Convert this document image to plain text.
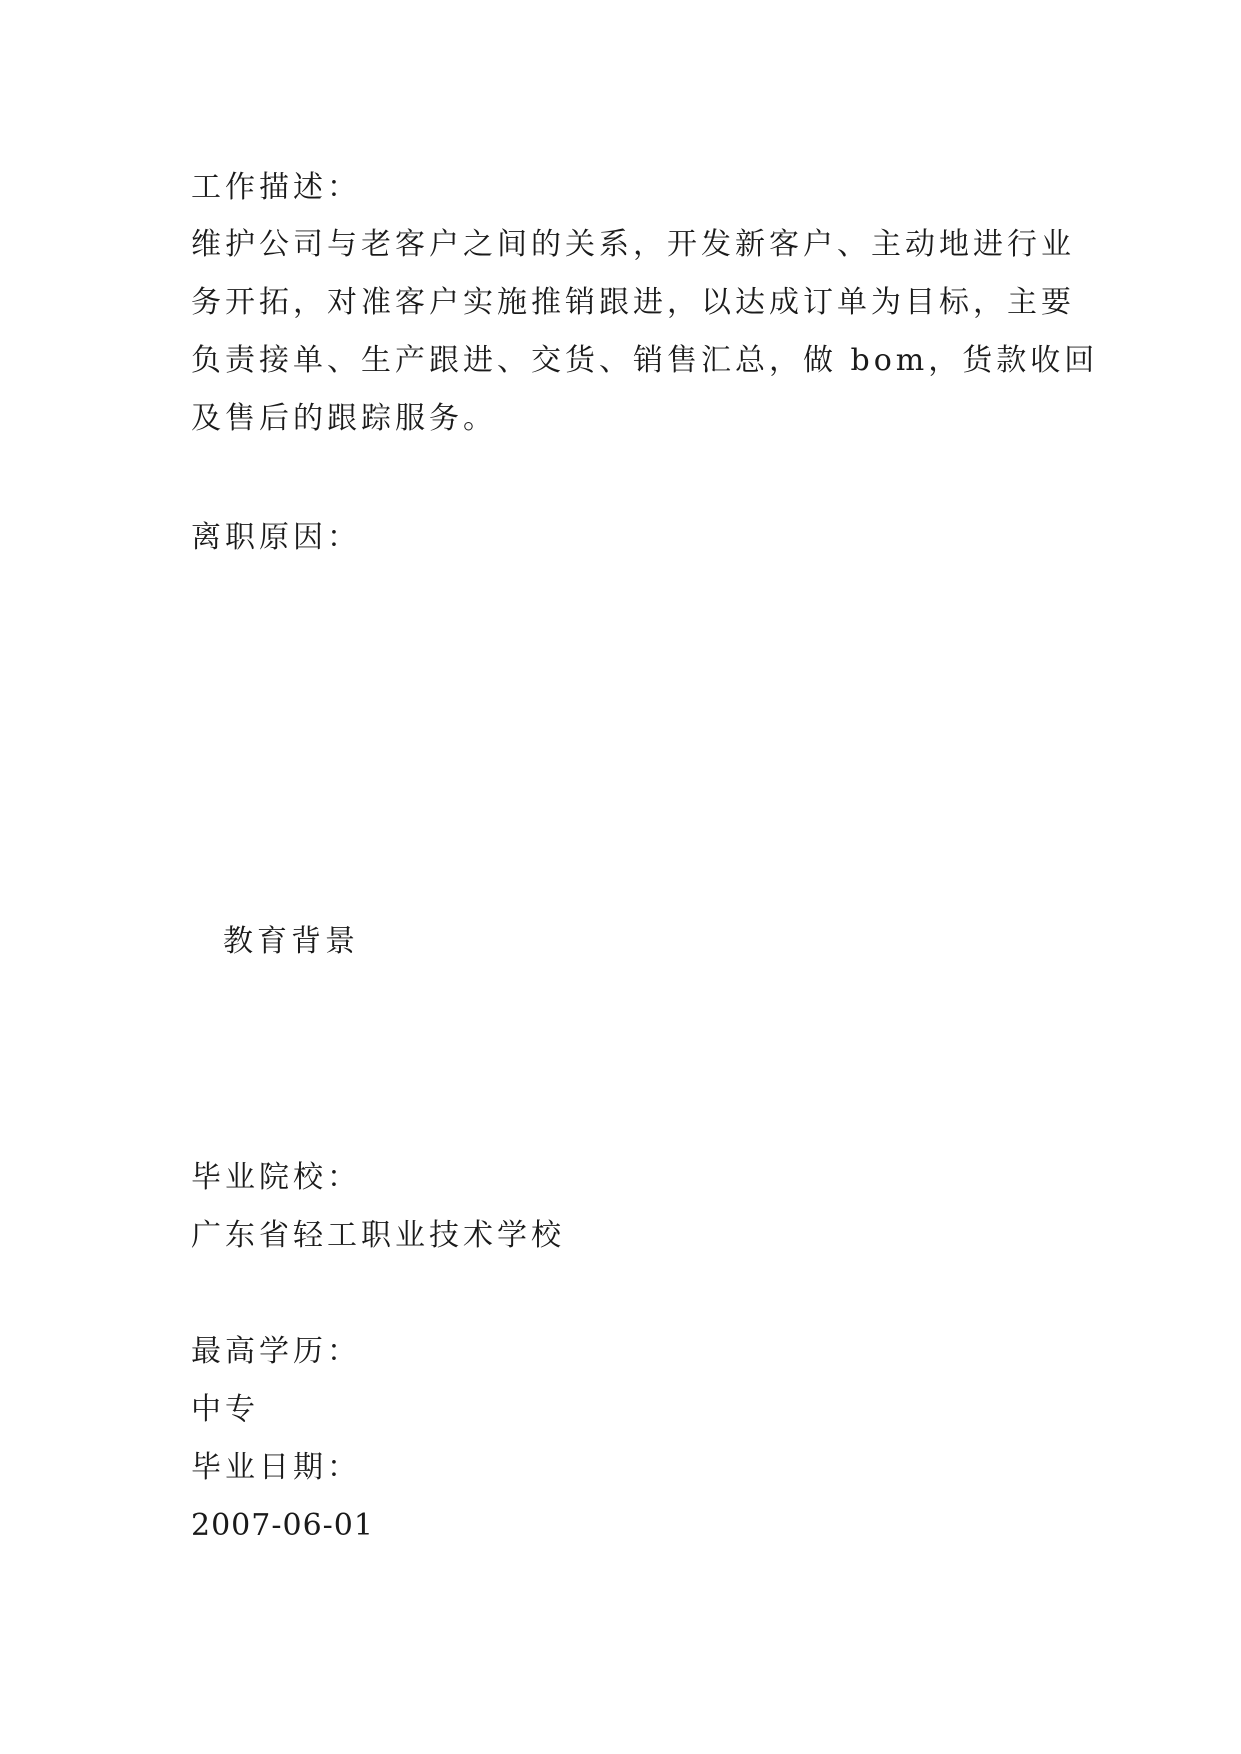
工作描述：
维护公司与老客户之间的关系，开发新客户、主动地进行业
务开拓，对准客户实施推销跟进，以达成订单为目标，主要
负责接单、生产跟进、交货、销售汇总，做 bom，货款收回
及售后的跟踪服务。
离职原因：
教育背景
毕业院校：
广东省轻工职业技术学校
最高学历：
中专
毕业日期：
2007-06-01
